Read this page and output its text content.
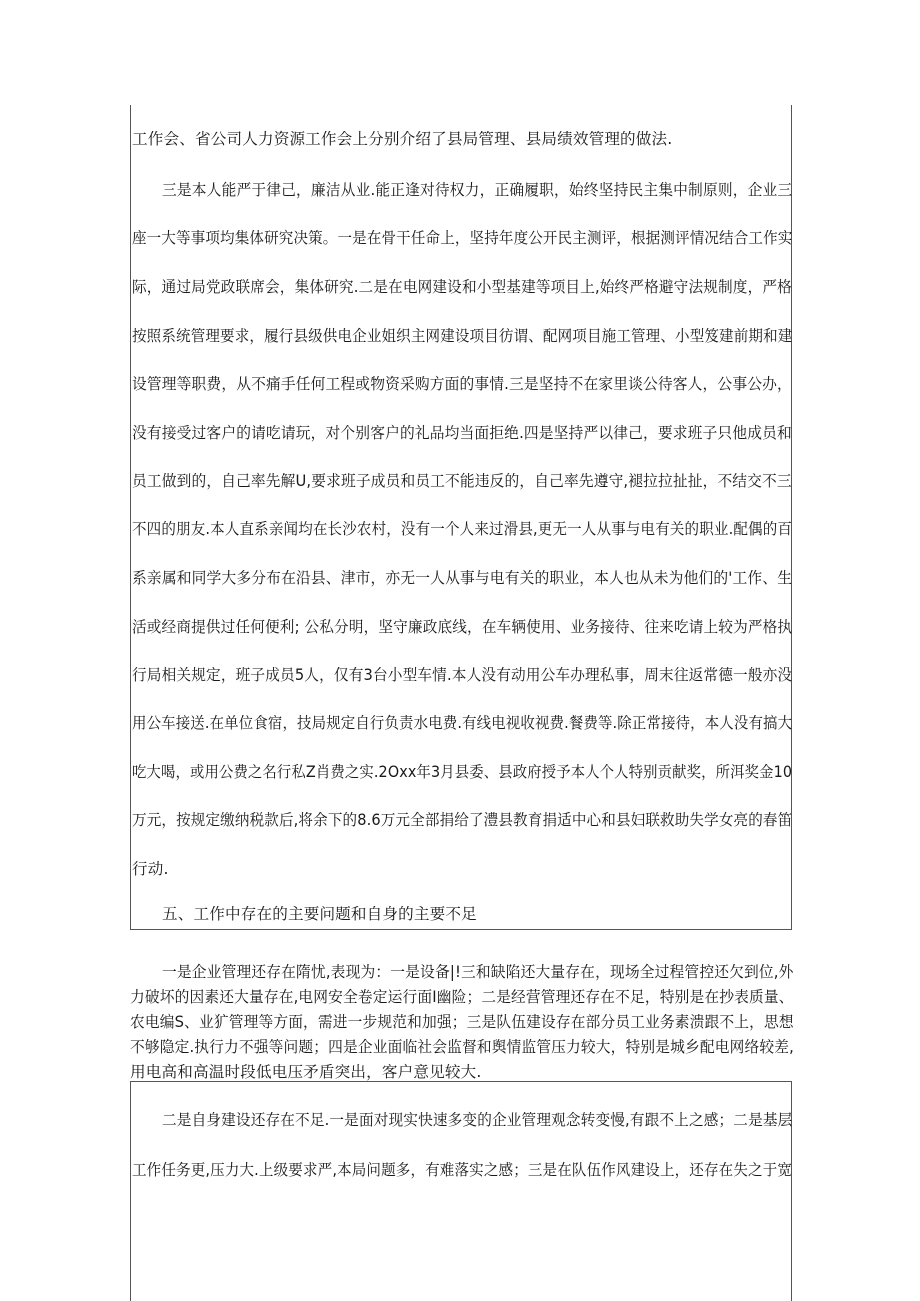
工作会、省公司人力资源工作会上分别介绍了县局管理、县局绩效管理的做法.
三是本人能严于律己，廉洁从业.能正逢对待权力，正确履职，始终坚持民主集中制原则，企业三
座一大等事项均集体研究决策。一是在骨干任命上，坚持年度公开民主测评，根据测评情况结合工作实
际，通过局党政联席会，集体研究.二是在电网建设和小型基建等项目上,始终严格避守法规制度，严格
按照系统管理要求，履行县级供电企业姐织主网建设项目彷谓、配网项目施工管理、小型笈建前期和建
设管理等职费，从不痛手任何工程或物资采购方面的事情.三是坚持不在家里谈公待客人，公事公办，
没有接受过客户的请吃请玩，对个别客户的礼品均当面拒绝.四是坚持严以律己，要求班子只他成员和
员工做到的，自己率先解U,要求班子成员和员工不能违反的，自己率先遵守,褪拉拉扯扯，不结交不三
不四的朋友.本人直系亲闻均在长沙农村，没有一个人来过滑县,更无一人从事与电有关的职业.配偶的百
系亲属和同学大多分布在沿县、津市，亦无一人从事与电有关的职业，本人也从未为他们的'工作、生
活或经商提供过任何便利; 公私分明，坚守廉政底线，在车辆使用、业务接待、往来吃请上较为严格执
行局相关规定，班子成员5人，仅有3台小型车情.本人没有动用公车办理私事，周末往返常德一般亦没
用公车接送.在单位食宿，技局规定自行负责水电费.有线电视收视费.餐费等.除正常接待，本人没有搞大
吃大喝，或用公费之名行私Z肖费之实.2Oxx年3月县委、县政府授予本人个人特别贡献奖，所洱奖金10
万元，按规定缴纳税款后,将余下的8.6万元全部捐给了澧县教育捐适中心和县妇联救助失学女亮的春笛
行动.
五、工作中存在的主要问题和自身的主要不足
一是企业管理还存在隋忧,表现为：一是设备|!三和缺陷还大量存在，现场全过程管控还欠到位,外
力破坏的因素还大量存在,电网安全卷定运行面I幽险；二是经营管理还存在不足，特别是在抄表质量、
农电编S、业犷管理等方面，需进一步规范和加强；三是队伍建设存在部分员工业务素溃跟不上，思想
不够隐定.执行力不强等问题；四是企业面临社会监督和舆情监管压力较大，特别是城乡配电网络较差,
用电高和高温时段低电压矛盾突出，客户意见较大.
二是自身建设还存在不足.一是面对现实快速多变的企业管理观念转变慢,有跟不上之感；二是基层
工作任务更,压力大.上级要求严,本局问题多，有难落实之感；三是在队伍作风建设上，还存在失之于宽
